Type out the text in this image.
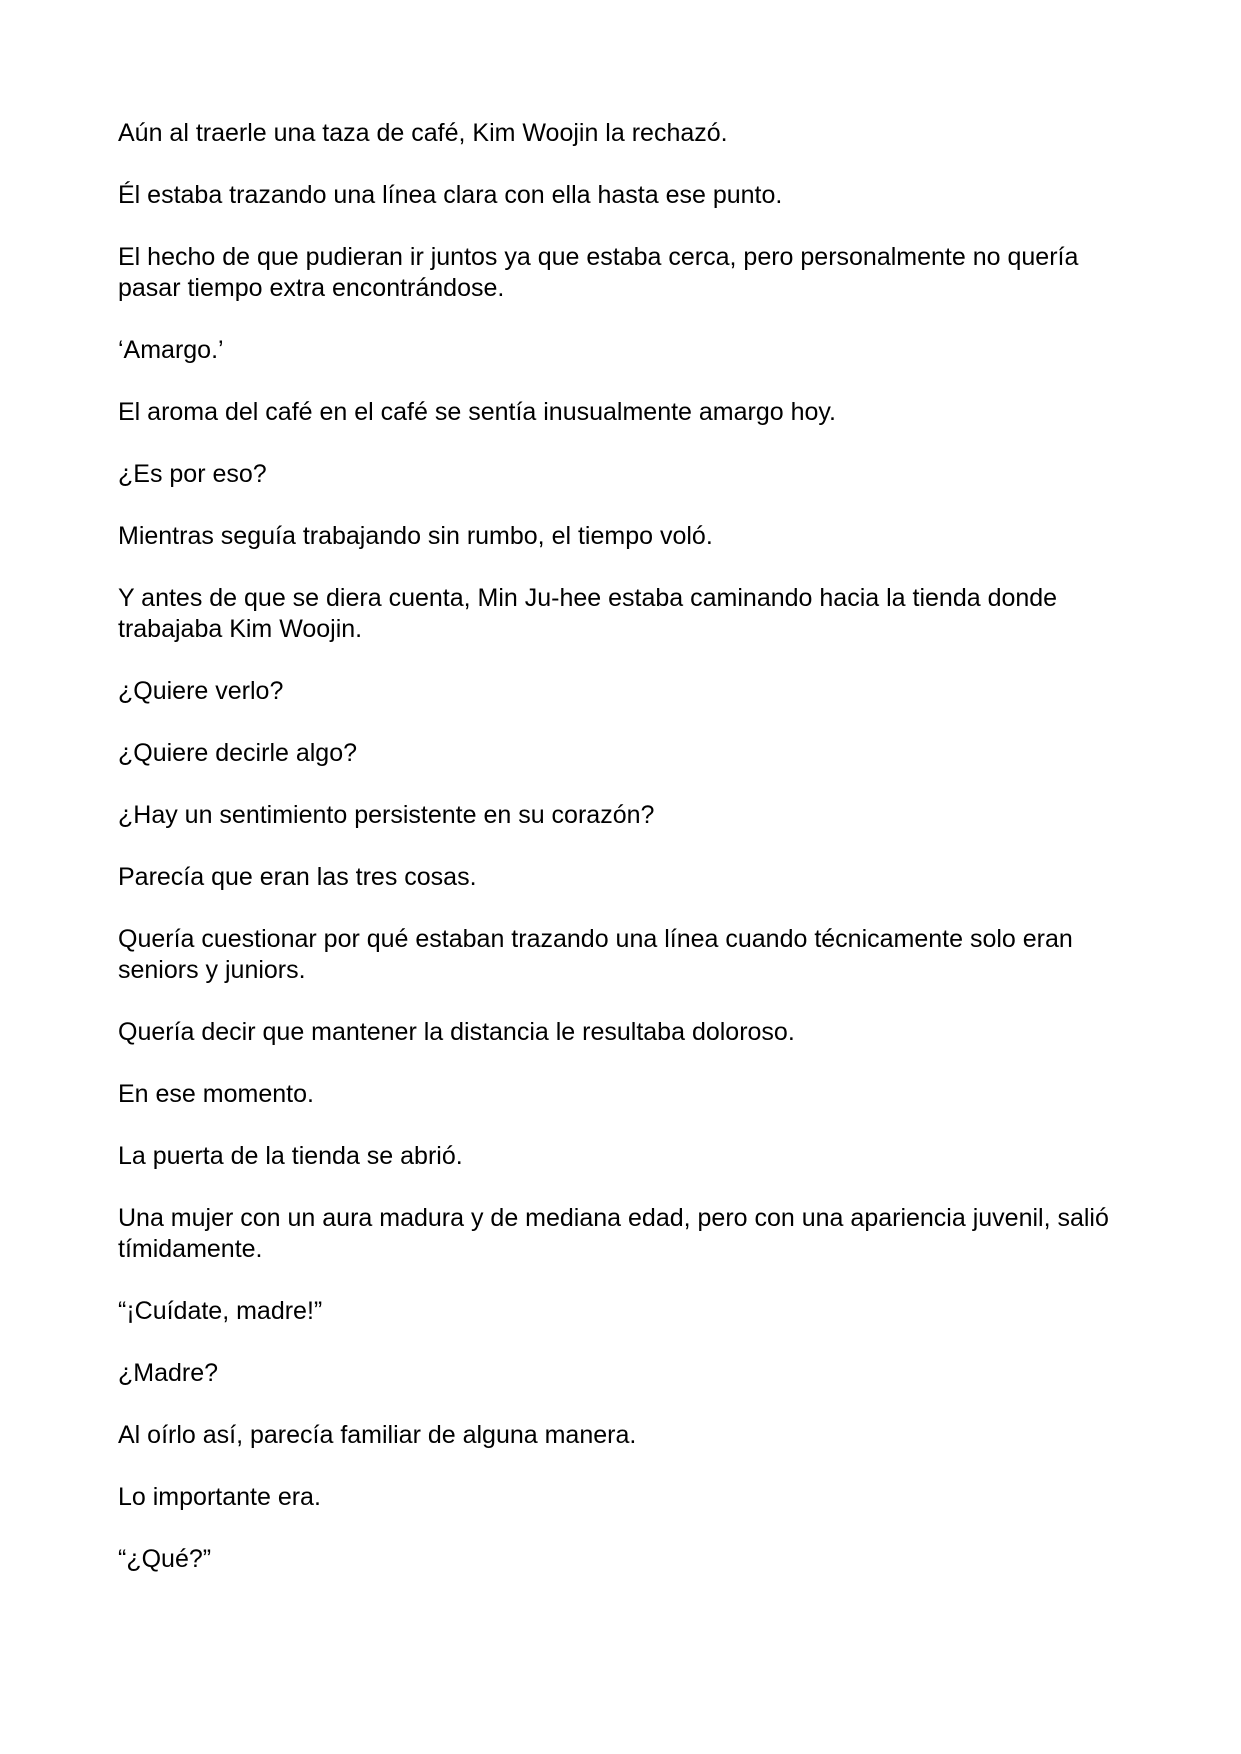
Aún al traerle una taza de café, Kim Woojin la rechazó.

Él estaba trazando una línea clara con ella hasta ese punto.

El hecho de que pudieran ir juntos ya que estaba cerca, pero personalmente no quería pasar tiempo extra encontrándose.

‘Amargo.’

El aroma del café en el café se sentía inusualmente amargo hoy.

¿Es por eso?

Mientras seguía trabajando sin rumbo, el tiempo voló.

Y antes de que se diera cuenta, Min Ju-hee estaba caminando hacia la tienda donde trabajaba Kim Woojin.

¿Quiere verlo?

¿Quiere decirle algo?

¿Hay un sentimiento persistente en su corazón?

Parecía que eran las tres cosas.

Quería cuestionar por qué estaban trazando una línea cuando técnicamente solo eran seniors y juniors.

Quería decir que mantener la distancia le resultaba doloroso.

En ese momento.

La puerta de la tienda se abrió.

Una mujer con un aura madura y de mediana edad, pero con una apariencia juvenil, salió tímidamente.

“¡Cuídate, madre!”

¿Madre?

Al oírlo así, parecía familiar de alguna manera.

Lo importante era.

“¿Qué?”
